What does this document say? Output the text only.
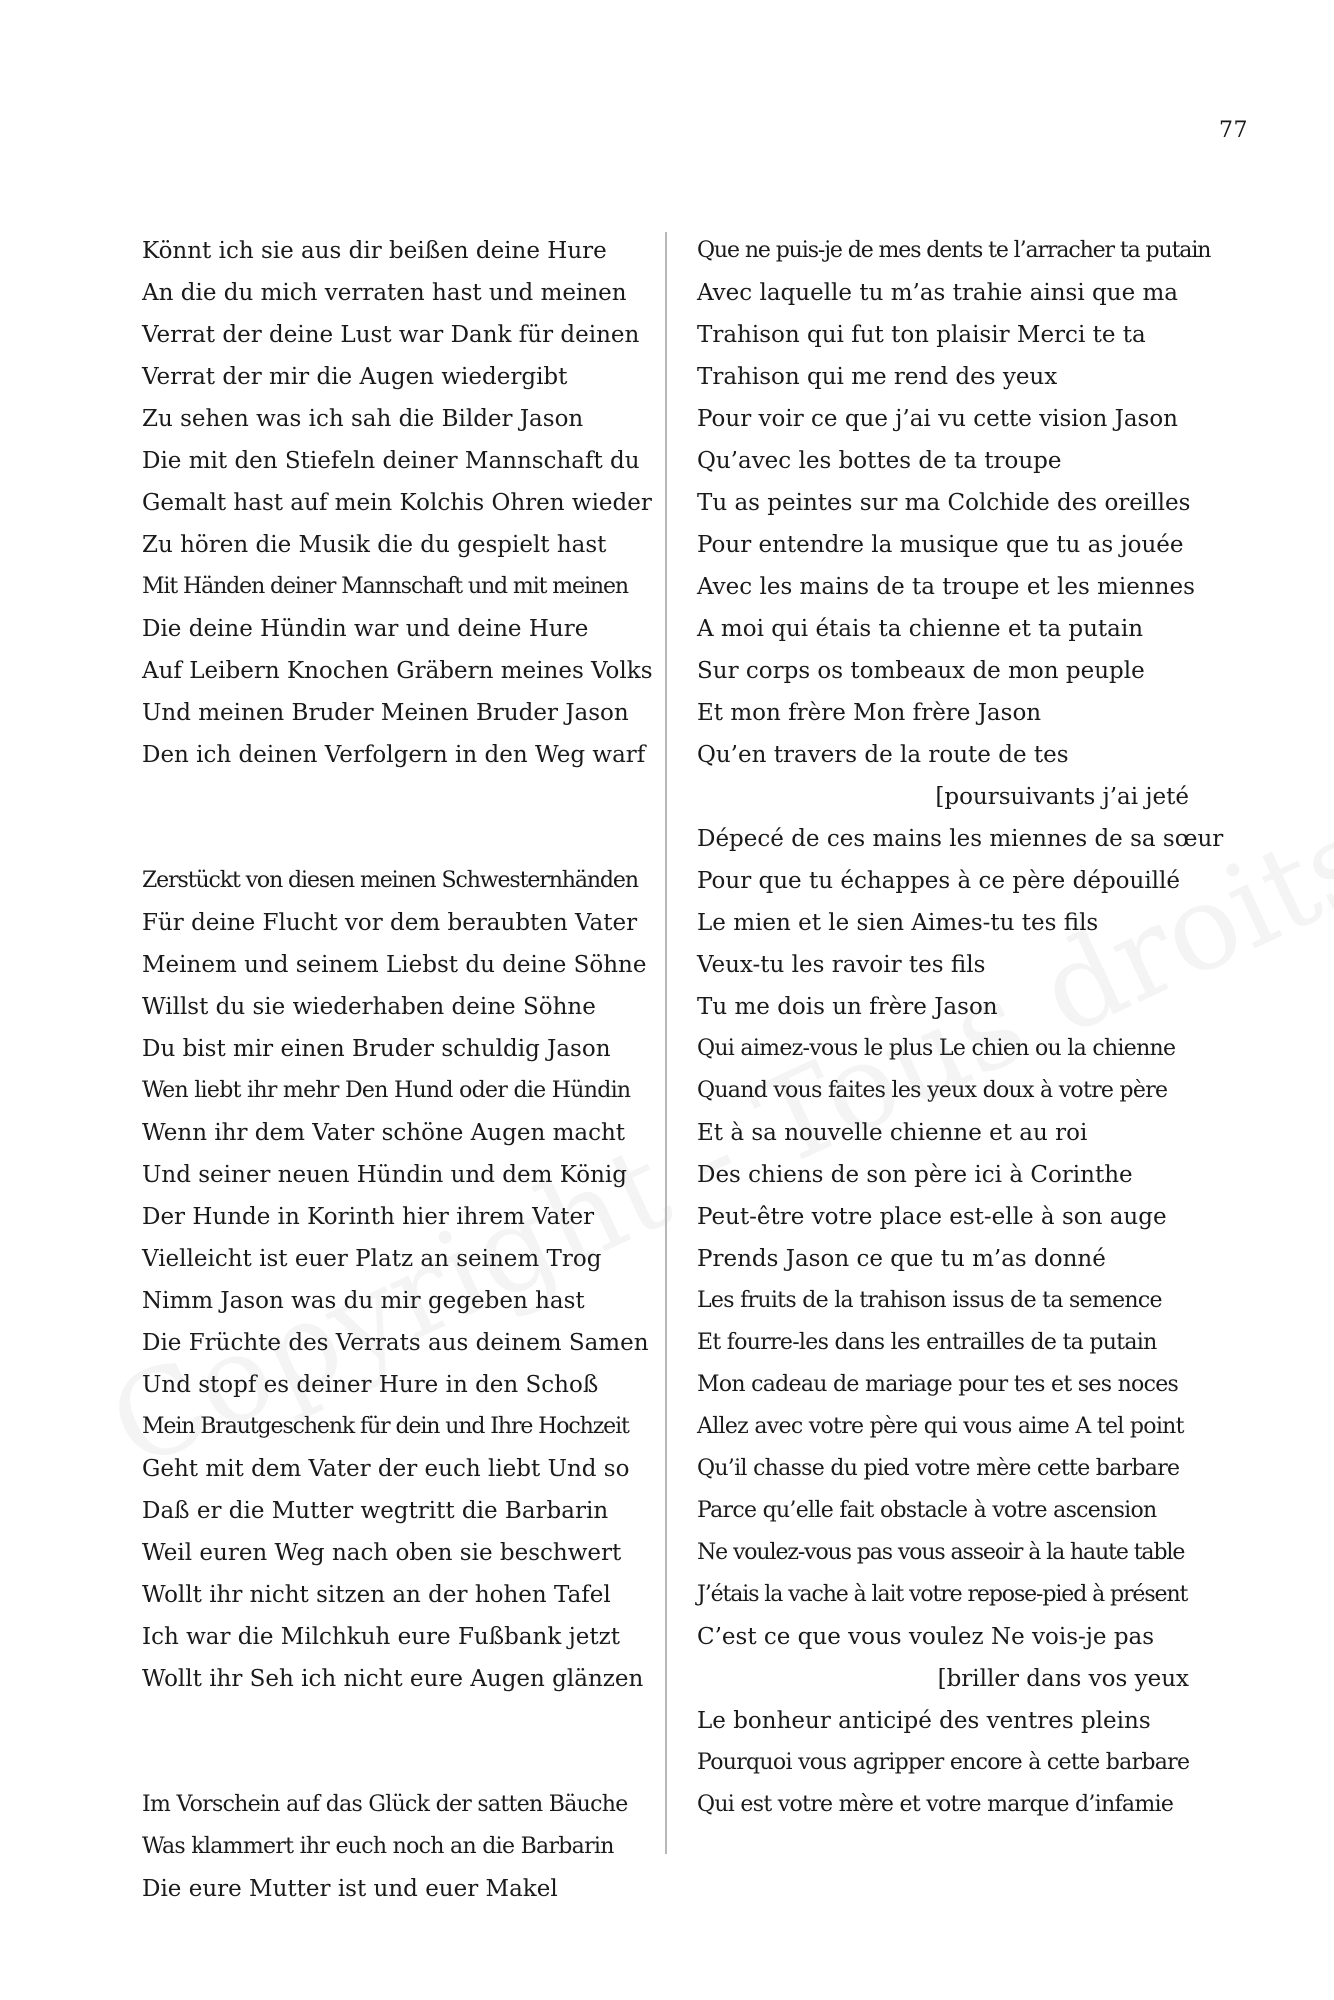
77
Könnt ich sie aus dir beißen deine Hure
An die du mich verraten hast und meinen
Verrat der deine Lust war Dank für deinen
Verrat der mir die Augen wiedergibt
Zu sehen was ich sah die Bilder Jason
Die mit den Stiefeln deiner Mannschaft du
Gemalt hast auf mein Kolchis Ohren wieder
Zu hören die Musik die du gespielt hast
Mit Händen deiner Mannschaft und mit meinen
Die deine Hündin war und deine Hure
Auf Leibern Knochen Gräbern meines Volks
Und meinen Bruder Meinen Bruder Jason
Den ich deinen Verfolgern in den Weg warf
Zerstückt von diesen meinen Schwesternhänden
Für deine Flucht vor dem beraubten Vater
Meinem und seinem Liebst du deine Söhne
Willst du sie wiederhaben deine Söhne
Du bist mir einen Bruder schuldig Jason
Wen liebt ihr mehr Den Hund oder die Hündin
Wenn ihr dem Vater schöne Augen macht
Und seiner neuen Hündin und dem König
Der Hunde in Korinth hier ihrem Vater
Vielleicht ist euer Platz an seinem Trog
Nimm Jason was du mir gegeben hast
Die Früchte des Verrats aus deinem Samen
Und stopf es deiner Hure in den Schoß
Mein Brautgeschenk für dein und Ihre Hochzeit
Geht mit dem Vater der euch liebt Und so
Daß er die Mutter wegtritt die Barbarin
Weil euren Weg nach oben sie beschwert
Wollt ihr nicht sitzen an der hohen Tafel
Ich war die Milchkuh eure Fußbank jetzt
Wollt ihr Seh ich nicht eure Augen glänzen
Im Vorschein auf das Glück der satten Bäuche
Was klammert ihr euch noch an die Barbarin
Die eure Mutter ist und euer Makel
Que ne puis-je de mes dents te l’arracher ta putain
Avec laquelle tu m’as trahie ainsi que ma
Trahison qui fut ton plaisir Merci te ta
Trahison qui me rend des yeux
Pour voir ce que j’ai vu cette vision Jason
Qu’avec les bottes de ta troupe
Tu as peintes sur ma Colchide des oreilles
Pour entendre la musique que tu as jouée
Avec les mains de ta troupe et les miennes
A moi qui étais ta chienne et ta putain
Sur corps os tombeaux de mon peuple
Et mon frère Mon frère Jason
Qu’en travers de la route de tes
[poursuivants j’ai jeté
Dépecé de ces mains les miennes de sa sœur
Pour que tu échappes à ce père dépouillé
Le mien et le sien Aimes-tu tes fils
Veux-tu les ravoir tes fils
Tu me dois un frère Jason
Qui aimez-vous le plus Le chien ou la chienne
Quand vous faites les yeux doux à votre père
Et à sa nouvelle chienne et au roi
Des chiens de son père ici à Corinthe
Peut-être votre place est-elle à son auge
Prends Jason ce que tu m’as donné
Les fruits de la trahison issus de ta semence
Et fourre-les dans les entrailles de ta putain
Mon cadeau de mariage pour tes et ses noces
Allez avec votre père qui vous aime A tel point
Qu’il chasse du pied votre mère cette barbare
Parce qu’elle fait obstacle à votre ascension
Ne voulez-vous pas vous asseoir à la haute table
J’étais la vache à lait votre repose-pied à présent
C’est ce que vous voulez Ne vois-je pas
[briller dans vos yeux
Le bonheur anticipé des ventres pleins
Pourquoi vous agripper encore à cette barbare
Qui est votre mère et votre marque d’infamie
